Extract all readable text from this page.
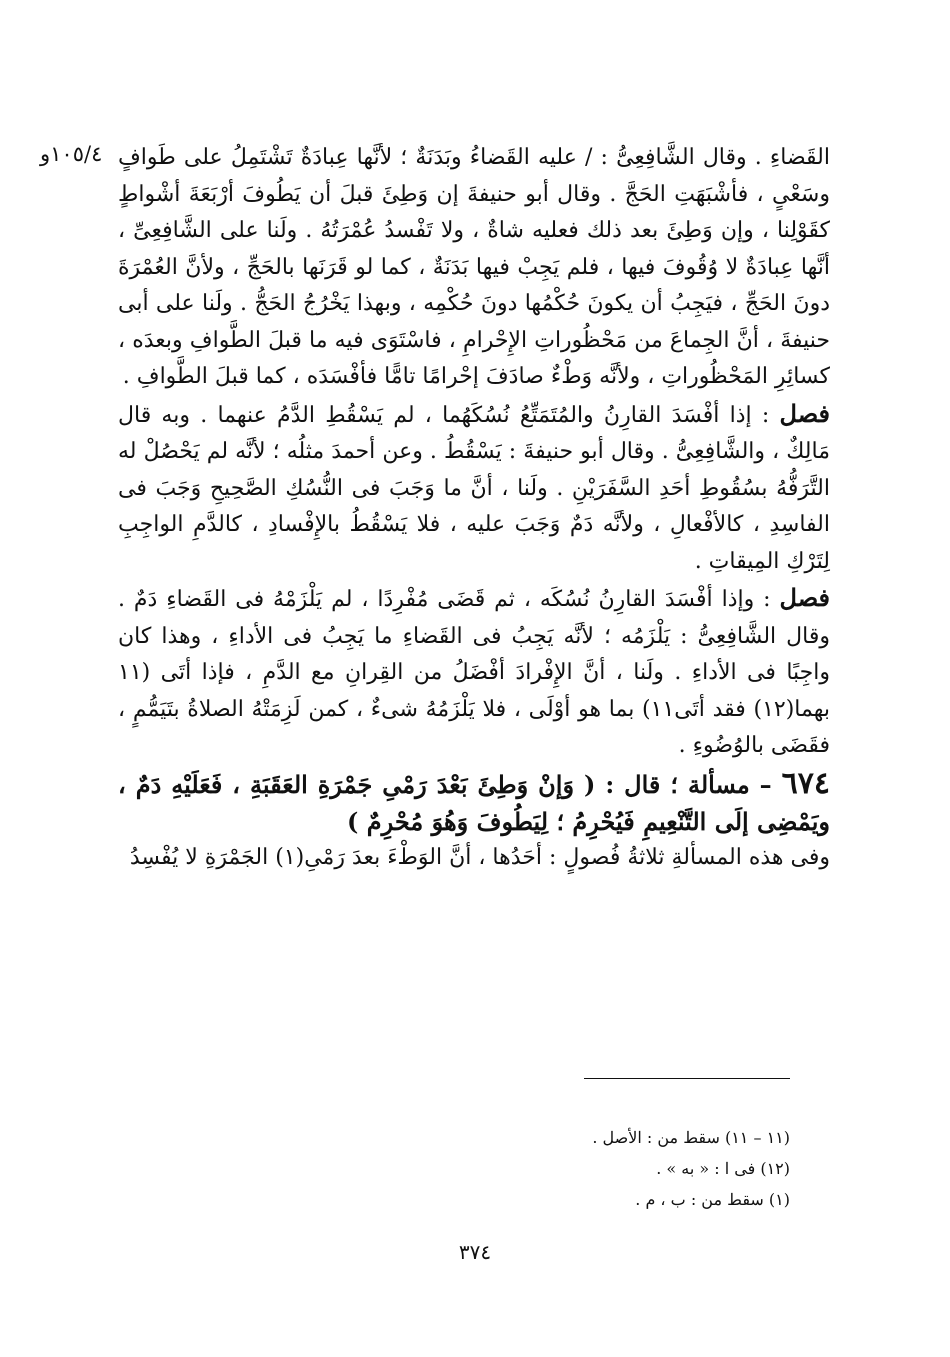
١٠٥/٤و القَضاءِ . وقال الشَّافِعِىُّ : / عليه القَضاءُ وبَدَنَةٌ ؛ لأنَّها عِبادَةٌ تَشْتَمِلُ على طَوافٍ وسَعْىٍ ، فأشْبَهَتِ الحَجَّ . وقال أبو حنيفةَ إن وَطِئَ قبلَ أن يَطُوفَ أرْبَعَةَ أشْواطٍ كقَوْلِنا ، وإن وَطِئَ بعد ذلك فعليه شاةٌ ، ولا تَفْسدُ عُمْرَتُهُ . ولَنا على الشَّافِعِىِّ ، أنَّها عِبادَةٌ لا وُقُوفَ فيها ، فلم يَجِبْ فيها بَدَنَةٌ ، كما لو قَرَنَها بالحَجِّ ، ولأنَّ العُمْرَةَ دونَ الحَجِّ ، فيَجِبُ أن يكونَ حُكْمُها دونَ حُكْمِه ، وبهذا يَخْرُجُ الحَجُّ . ولَنا على أبى حنيفةَ ، أنَّ الجِماعَ من مَحْظُوراتِ الإِحْرامِ ، فاسْتَوَى فيه ما قبلَ الطَّوافِ وبعدَه ، كسائِرِ المَحْظُوراتِ ، ولأنَّه وَطْءٌ صادَفَ إحْرامًا تامًّا فأفْسَدَه ، كما قبلَ الطَّوافِ .

فصل : إذا أفْسَدَ القارِنُ والمُتَمَتِّعُ نُسُكَهُما ، لم يَسْقُطِ الدَّمُ عنهما . وبه قال مَالِكٌ ، والشَّافِعِىُّ . وقال أبو حنيفةَ : يَسْقُطُ . وعن أحمدَ مثلُه ؛ لأنَّه لم يَحْصُلْ له التَّرَفُّهُ بسُقُوطِ أحَدِ السَّفَرَيْنِ . ولَنا ، أنَّ ما وَجَبَ فى النُّسُكِ الصَّحِيحِ وَجَبَ فى الفاسِدِ ، كالأفْعالِ ، ولأنَّه دَمٌ وَجَبَ عليه ، فلا يَسْقُطُ بالإِفْسادِ ، كالدَّمِ الواجِبِ لِتَرْكِ المِيقاتِ .

فصل : وإذا أفْسَدَ القارِنُ نُسُكَه ، ثم قَضَى مُفْرِدًا ، لم يَلْزَمْهُ فى القَضاءِ دَمٌ . وقال الشَّافِعِىُّ : يَلْزَمُه ؛ لأنَّه يَجِبُ فى القَضاءِ ما يَجِبُ فى الأداءِ ، وهذا كان واجِبًا فى الأداءِ . ولَنا ، أنَّ الإِفْرادَ أفْضَلُ من القِرانِ مع الدَّمِ ، فإذا أتَى (١١ بهما(١٢) فقد أتَى١١) بما هو أوْلَى ، فلا يَلْزَمُهُ شىءٌ ، كمن لَزِمَتْهُ الصلاةُ بتَيَمُّمٍ ، فقَضَى بالوُضُوءِ .

٦٧٤ – مسألة ؛ قال : ( وَإنْ وَطِئَ بَعْدَ رَمْىِ جَمْرَةِ العَقَبَةِ ، فَعَلَيْهِ دَمٌ ، ويَمْضِى إلَى التَّنْعِيمِ فَيُحْرِمُ ؛ لِيَطُوفَ وَهُوَ مُحْرِمٌ )

وفى هذه المسألةِ ثلاثةُ فُصولٍ : أحَدُها ، أنَّ الوَطْءَ بعدَ رَمْىِ(١) الجَمْرَةِ لا يُفْسِدُ

(١١ – ١١) سقط من : الأصل .

(١٢) فى ا : « به » .

(١) سقط من : ب ، م .

٣٧٤
